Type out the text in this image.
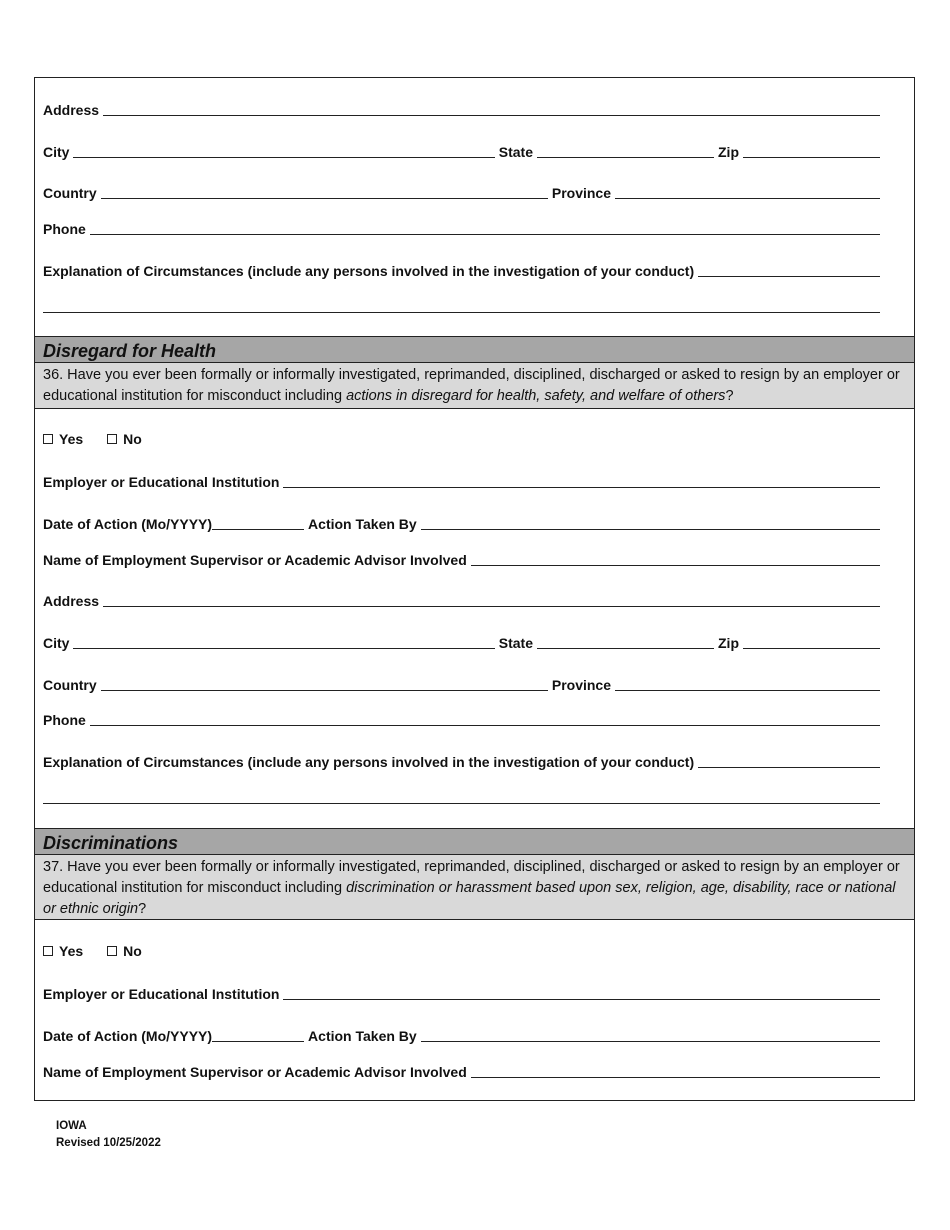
Address
City	State	Zip
Country	Province
Phone
Explanation of Circumstances (include any persons involved in the investigation of your conduct)
Disregard for Health
36. Have you ever been formally or informally investigated, reprimanded, disciplined, discharged or asked to resign by an employer or educational institution for misconduct including actions in disregard for health, safety, and welfare of others?
Yes	No
Employer or Educational Institution
Date of Action (Mo/YYYY)	Action Taken By
Name of Employment Supervisor or Academic Advisor Involved
Address
City	State	Zip
Country	Province
Phone
Explanation of Circumstances (include any persons involved in the investigation of your conduct)
Discriminations
37. Have you ever been formally or informally investigated, reprimanded, disciplined, discharged or asked to resign by an employer or educational institution for misconduct including discrimination or harassment based upon sex, religion, age, disability, race or national or ethnic origin?
Yes	No
Employer or Educational Institution
Date of Action (Mo/YYYY)	Action Taken By
Name of Employment Supervisor or Academic Advisor Involved
IOWA
Revised 10/25/2022
